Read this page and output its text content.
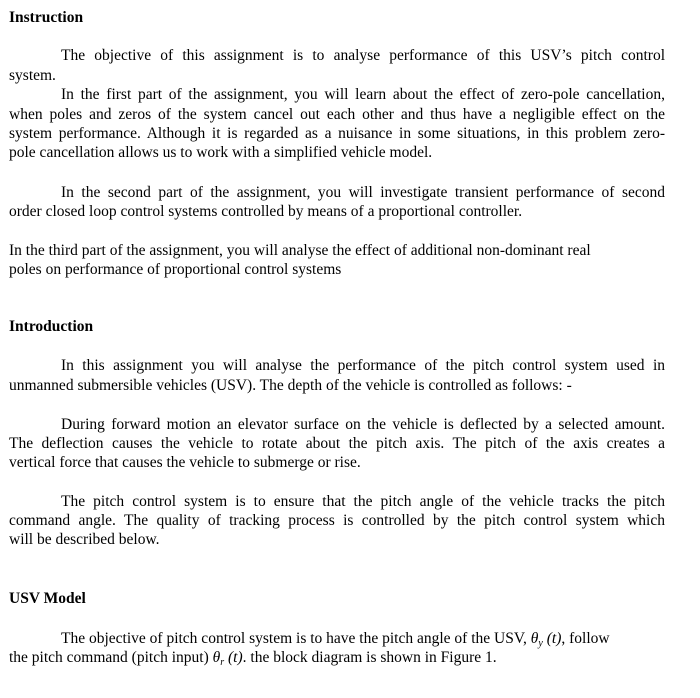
Instruction
The objective of this assignment is to analyse performance of this USV’s pitch control
system.
In the first part of the assignment, you will learn about the effect of zero-pole cancellation,
when poles and zeros of the system cancel out each other and thus have a negligible effect on the
system performance. Although it is regarded as a nuisance in some situations, in this problem zero-
pole cancellation allows us to work with a simplified vehicle model.
In the second part of the assignment, you will investigate transient performance of second
order closed loop control systems controlled by means of a proportional controller.
In the third part of the assignment, you will analyse the effect of additional non-dominant real
poles on performance of proportional control systems
Introduction
In this assignment you will analyse the performance of the pitch control system used in
unmanned submersible vehicles (USV). The depth of the vehicle is controlled as follows: -
During forward motion an elevator surface on the vehicle is deflected by a selected amount.
The deflection causes the vehicle to rotate about the pitch axis. The pitch of the axis creates a
vertical force that causes the vehicle to submerge or rise.
The pitch control system is to ensure that the pitch angle of the vehicle tracks the pitch
command angle. The quality of tracking process is controlled by the pitch control system which
will be described below.
USV Model
The objective of pitch control system is to have the pitch angle of the USV, $\theta_y$ (t), follow
the pitch command (pitch input) $\theta_r$ (t). the block diagram is shown in Figure 1.
